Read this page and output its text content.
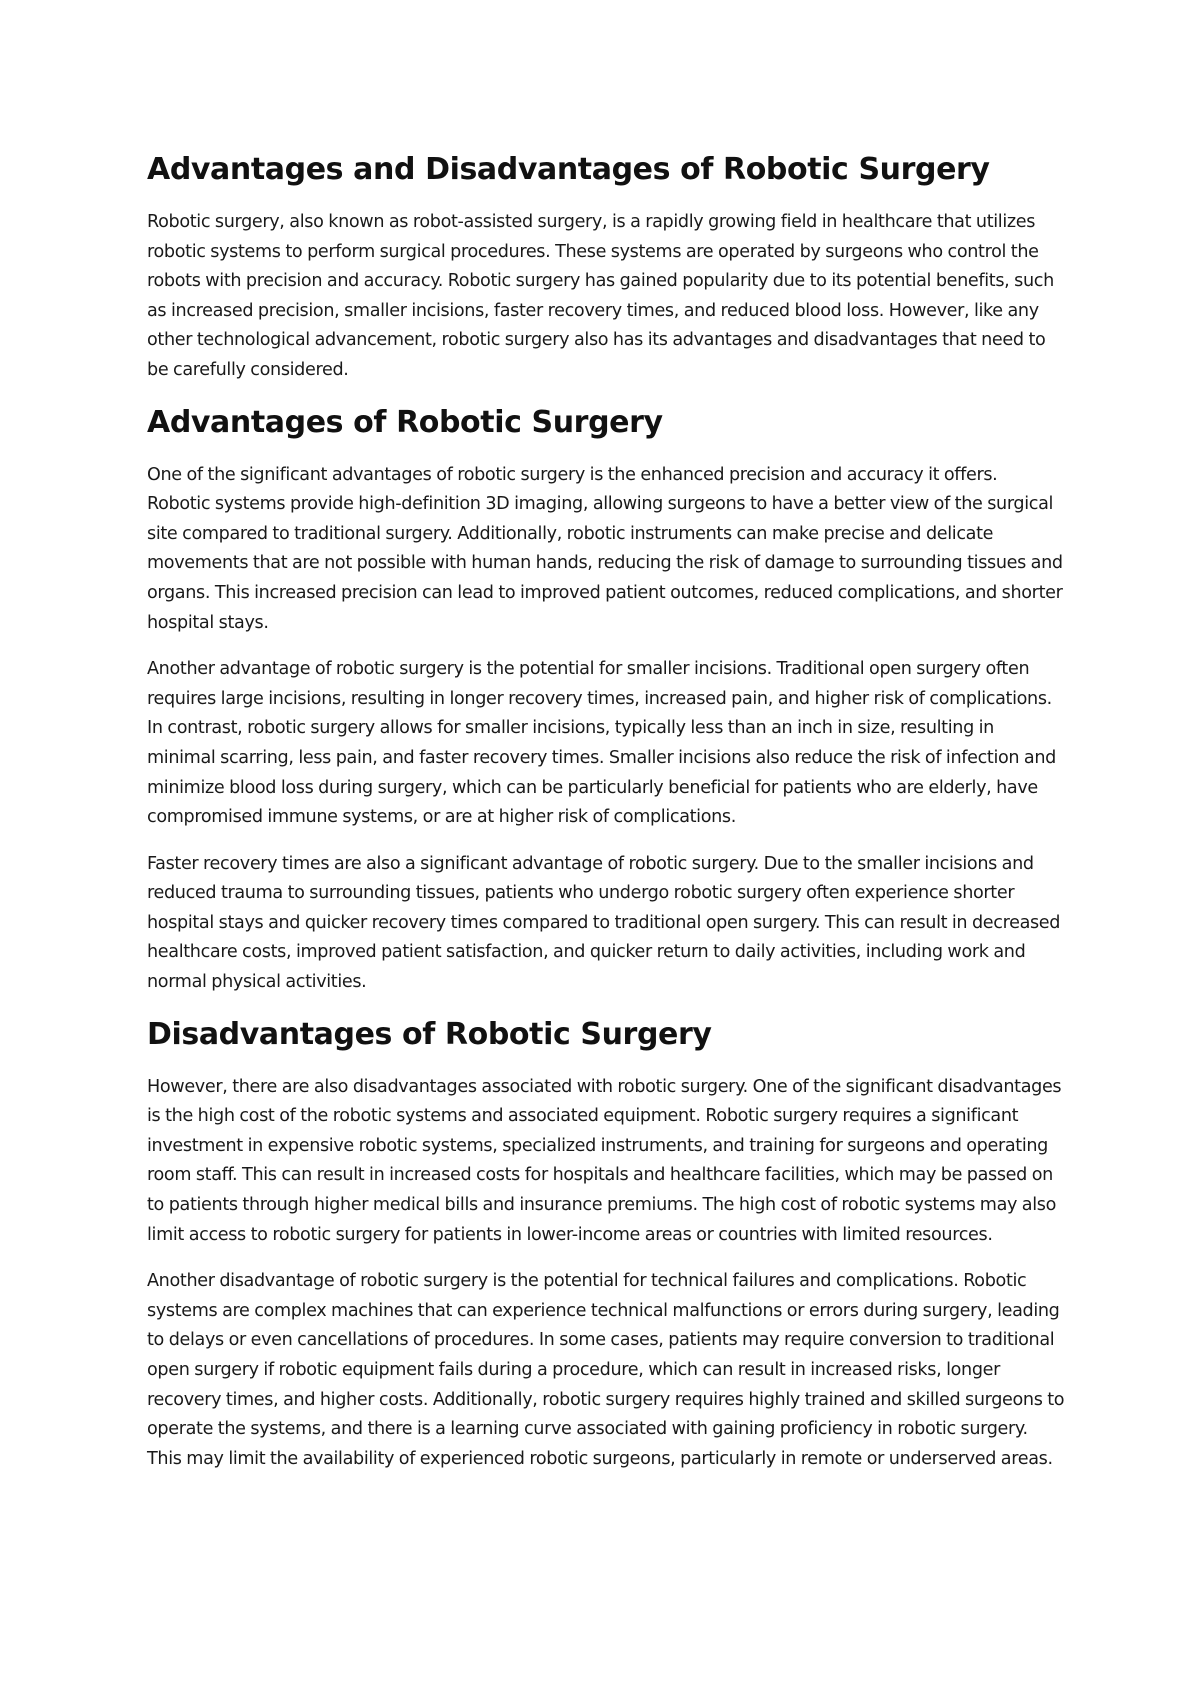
Advantages and Disadvantages of Robotic Surgery

Robotic surgery, also known as robot-assisted surgery, is a rapidly growing field in healthcare that utilizes robotic systems to perform surgical procedures. These systems are operated by surgeons who control the robots with precision and accuracy. Robotic surgery has gained popularity due to its potential benefits, such as increased precision, smaller incisions, faster recovery times, and reduced blood loss. However, like any other technological advancement, robotic surgery also has its advantages and disadvantages that need to be carefully considered.

Advantages of Robotic Surgery

One of the significant advantages of robotic surgery is the enhanced precision and accuracy it offers. Robotic systems provide high-definition 3D imaging, allowing surgeons to have a better view of the surgical site compared to traditional surgery. Additionally, robotic instruments can make precise and delicate movements that are not possible with human hands, reducing the risk of damage to surrounding tissues and organs. This increased precision can lead to improved patient outcomes, reduced complications, and shorter hospital stays.

Another advantage of robotic surgery is the potential for smaller incisions. Traditional open surgery often requires large incisions, resulting in longer recovery times, increased pain, and higher risk of complications. In contrast, robotic surgery allows for smaller incisions, typically less than an inch in size, resulting in minimal scarring, less pain, and faster recovery times. Smaller incisions also reduce the risk of infection and minimize blood loss during surgery, which can be particularly beneficial for patients who are elderly, have compromised immune systems, or are at higher risk of complications.

Faster recovery times are also a significant advantage of robotic surgery. Due to the smaller incisions and reduced trauma to surrounding tissues, patients who undergo robotic surgery often experience shorter hospital stays and quicker recovery times compared to traditional open surgery. This can result in decreased healthcare costs, improved patient satisfaction, and quicker return to daily activities, including work and normal physical activities.

Disadvantages of Robotic Surgery

However, there are also disadvantages associated with robotic surgery. One of the significant disadvantages is the high cost of the robotic systems and associated equipment. Robotic surgery requires a significant investment in expensive robotic systems, specialized instruments, and training for surgeons and operating room staff. This can result in increased costs for hospitals and healthcare facilities, which may be passed on to patients through higher medical bills and insurance premiums. The high cost of robotic systems may also limit access to robotic surgery for patients in lower-income areas or countries with limited resources.

Another disadvantage of robotic surgery is the potential for technical failures and complications. Robotic systems are complex machines that can experience technical malfunctions or errors during surgery, leading to delays or even cancellations of procedures. In some cases, patients may require conversion to traditional open surgery if robotic equipment fails during a procedure, which can result in increased risks, longer recovery times, and higher costs. Additionally, robotic surgery requires highly trained and skilled surgeons to operate the systems, and there is a learning curve associated with gaining proficiency in robotic surgery. This may limit the availability of experienced robotic surgeons, particularly in remote or underserved areas.
